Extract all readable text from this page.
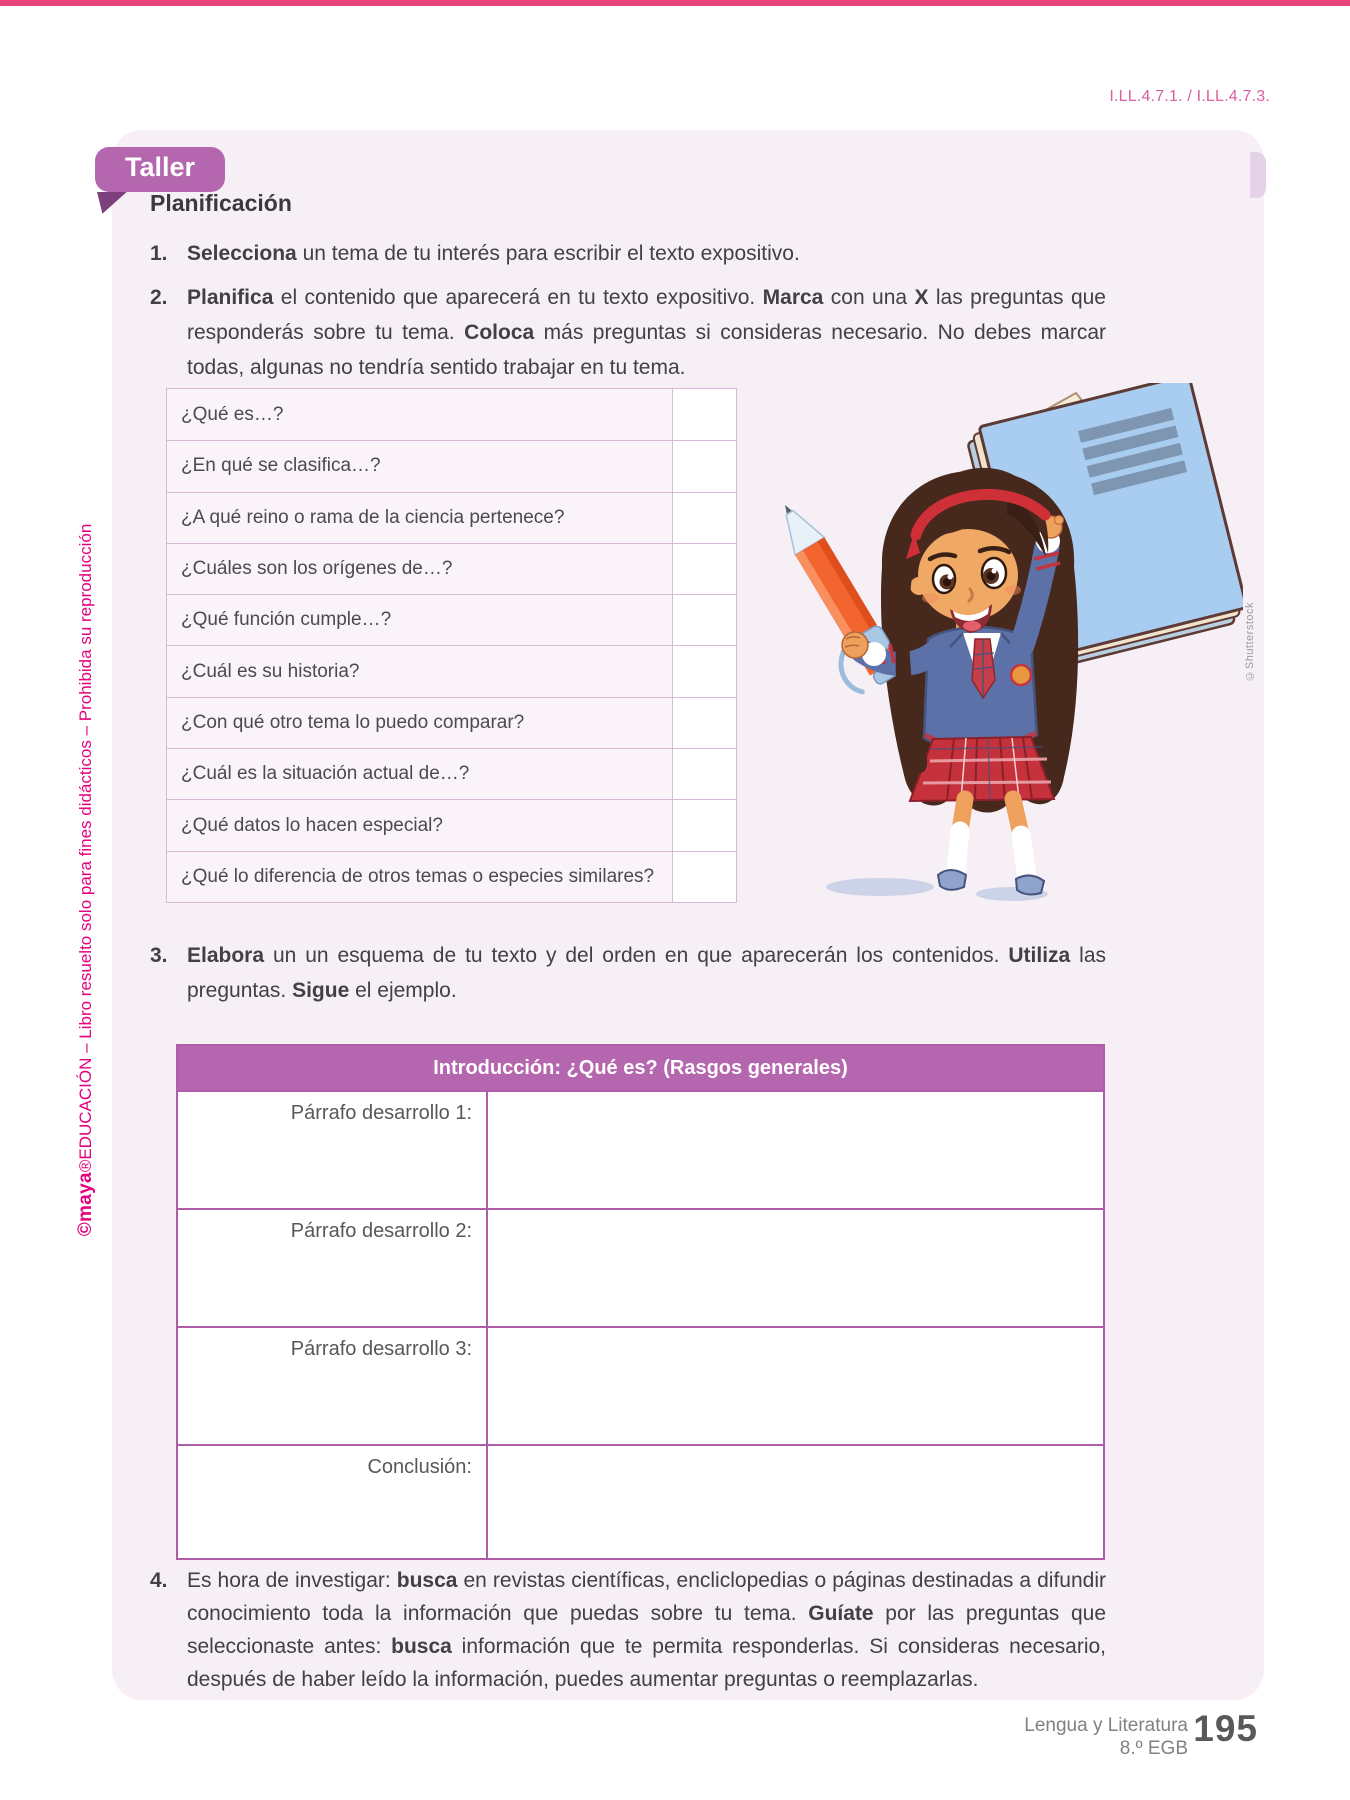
I.LL.4.7.1. / I.LL.4.7.3.
©maya®EDUCACIÓN – Libro resuelto solo para fines didácticos – Prohibida su reproducción
Taller
Planificación
1. Selecciona un tema de tu interés para escribir el texto expositivo.

2. Planifica el contenido que aparecerá en tu texto expositivo. Marca con una X las preguntas que responderás sobre tu tema. Coloca más preguntas si consideras necesario. No debes marcar todas, algunas no tendría sentido trabajar en tu tema.

¿Qué es…?
¿En qué se clasifica…?
¿A qué reino o rama de la ciencia pertenece?
¿Cuáles son los orígenes de…?
¿Qué función cumple…?
¿Cuál es su historia?
¿Con qué otro tema lo puedo comparar?
¿Cuál es la situación actual de…?
¿Qué datos lo hacen especial?
¿Qué lo diferencia de otros temas o especies similares?
©Shutterstock
3. Elabora un un esquema de tu texto y del orden en que aparecerán los contenidos. Utiliza las preguntas. Sigue el ejemplo.

Introducción: ¿Qué es? (Rasgos generales)
Párrafo desarrollo 1:
Párrafo desarrollo 2:
Párrafo desarrollo 3:
Conclusión:
4. Es hora de investigar: busca en revistas científicas, encliclopedias o páginas destinadas a difundir conocimiento toda la información que puedas sobre tu tema. Guíate por las preguntas que seleccionaste antes: busca información que te permita responderlas. Si consideras necesario, después de haber leído la información, puedes aumentar preguntas o reemplazarlas.

Lengua y Literatura
8.º EGB 195
